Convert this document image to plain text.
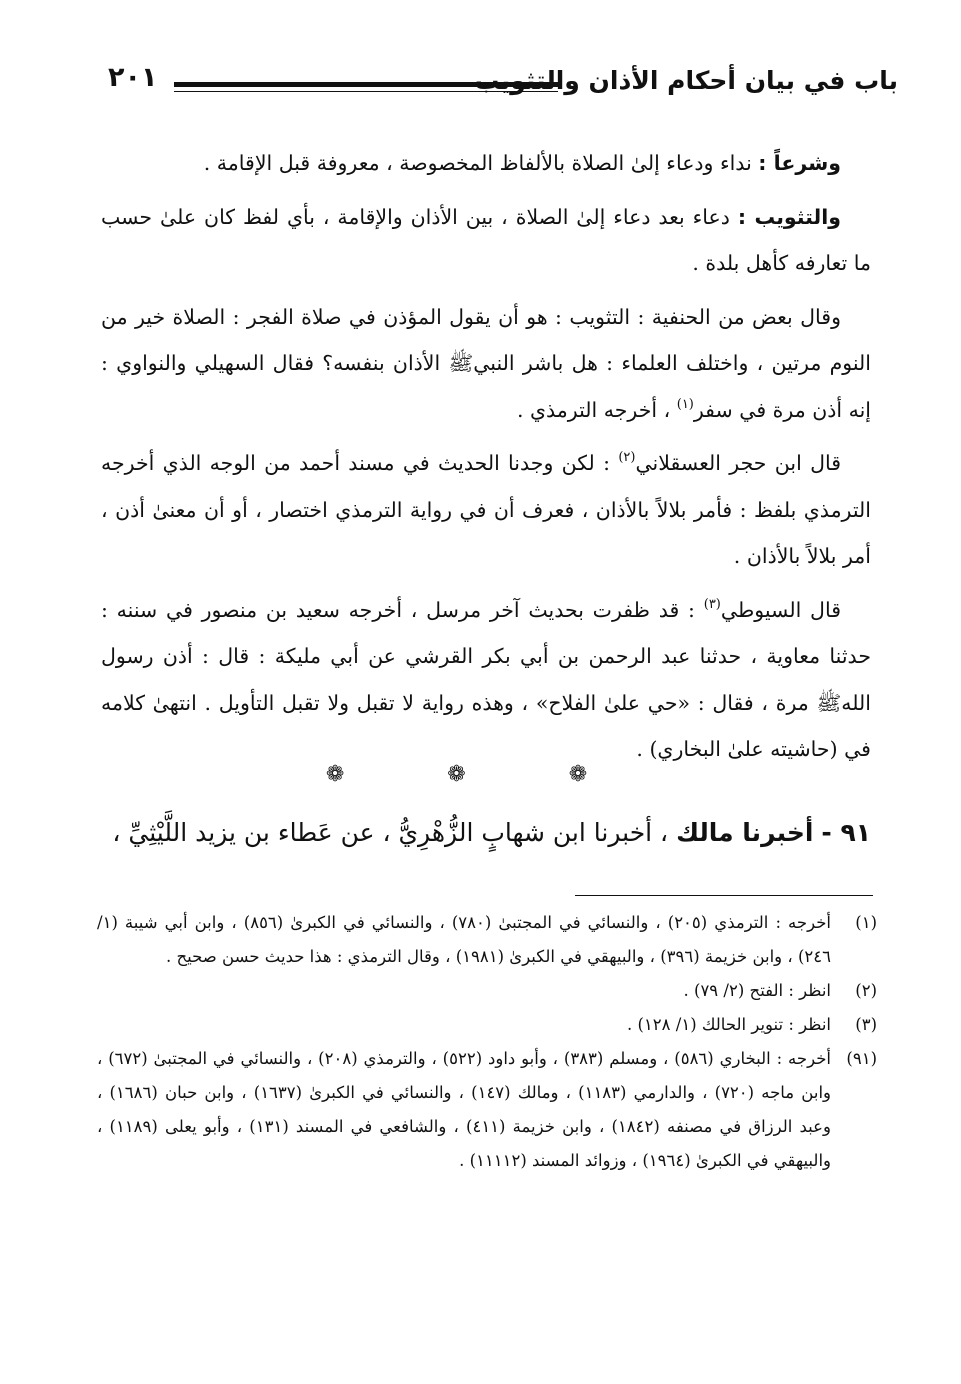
باب في بيان أحكام الأذان والتثويب
٢٠١

وشرعاً : نداء ودعاء إلىٰ الصلاة بالألفاظ المخصوصة ، معروفة قبل الإقامة .

والتثويب : دعاء بعد دعاء إلىٰ الصلاة ، بين الأذان والإقامة ، بأي لفظ كان علىٰ حسب ما تعارفه كأهل بلدة .

وقال بعض من الحنفية : التثويب : هو أن يقول المؤذن في صلاة الفجر : الصلاة خير من النوم مرتين ، واختلف العلماء : هل باشر النبيﷺ الأذان بنفسه؟ فقال السهيلي والنواوي : إنه أذن مرة في سفر$^{(١)}$ ، أخرجه الترمذي .

قال ابن حجر العسقلاني$^{(٢)}$ : لكن وجدنا الحديث في مسند أحمد من الوجه الذي أخرجه الترمذي بلفظ : فأمر بلالاً بالأذان ، فعرف أن في رواية الترمذي اختصار ، أو أن معنىٰ أذن ، أمر بلالاً بالأذان .

قال السيوطي$^{(٣)}$ : قد ظفرت بحديث آخر مرسل ، أخرجه سعيد بن منصور في سننه : حدثنا معاوية ، حدثنا عبد الرحمن بن أبي بكر القرشي عن أبي مليكة : قال : أذن رسول اللهﷺ مرة ، فقال : «حي علىٰ الفلاح» ، وهذه رواية لا تقبل ولا تقبل التأويل . انتهىٰ كلامه في (حاشيته علىٰ البخاري) .

❁ ❁ ❁
٩١ - أخبرنا مالك ، أخبرنا ابن شهابٍ الزُّهْرِيُّ ، عن عَطاء بن يزيد اللَّيْثِيِّ ،

(١)
أخرجه : الترمذي (٢٠٥) ، والنسائي في المجتبىٰ (٧٨٠) ، والنسائي في الكبرىٰ (٨٥٦) ، وابن أبي شيبة (١/ ٢٤٦) ، وابن خزيمة (٣٩٦) ، والبيهقي في الكبرىٰ (١٩٨١) ، وقال الترمذي : هذا حديث حسن صحيح .

(٢)
انظر : الفتح (٢/ ٧٩) .

(٣)
انظر : تنوير الحالك (١/ ١٢٨) .

(٩١)
أخرجه : البخاري (٥٨٦) ، ومسلم (٣٨٣) ، وأبو داود (٥٢٢) ، والترمذي (٢٠٨) ، والنسائي في المجتبىٰ (٦٧٢) ، وابن ماجه (٧٢٠) ، والدارمي (١١٨٣) ، ومالك (١٤٧) ، والنسائي في الكبرىٰ (١٦٣٧) ، وابن حبان (١٦٨٦) ، وعبد الرزاق في مصنفه (١٨٤٢) ، وابن خزيمة (٤١١) ، والشافعي في المسند (١٣١) ، وأبو يعلى (١١٨٩) ، والبيهقي في الكبرىٰ (١٩٦٤) ، وزوائد المسند (١١١١٢) .
